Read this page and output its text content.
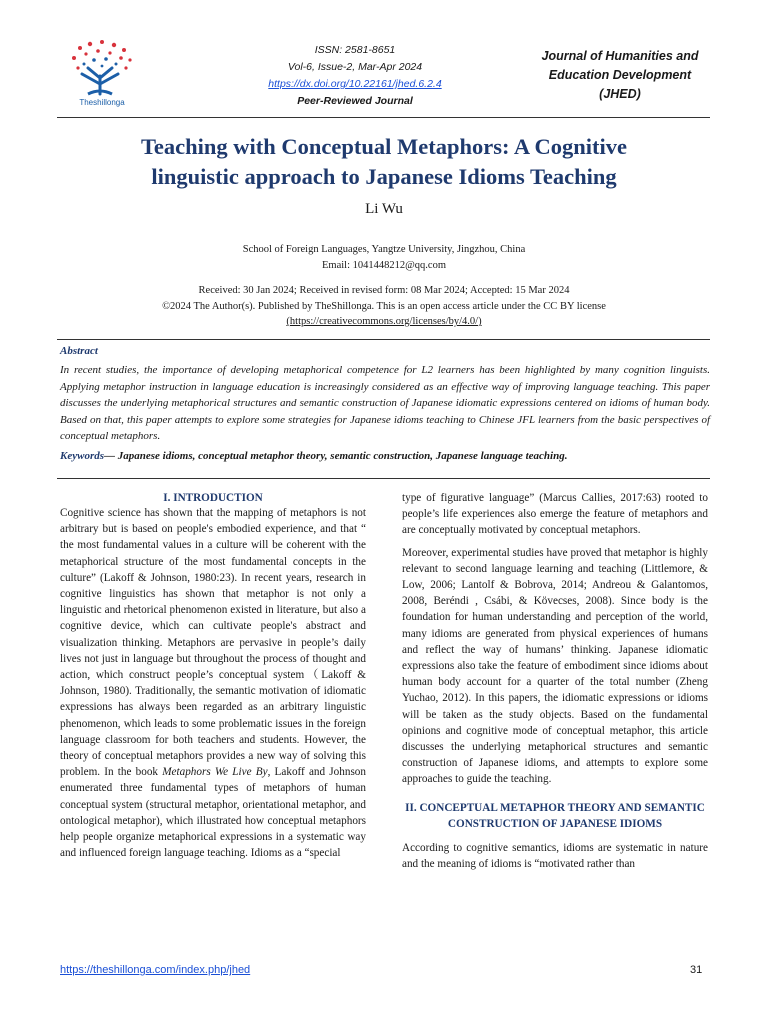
Theshillonga
ISSN: 2581-8651
Vol-6, Issue-2, Mar-Apr 2024
https://dx.doi.org/10.22161/jhed.6.2.4
Peer-Reviewed Journal
Journal of Humanities and
Education Development
(JHED)
Teaching with Conceptual Metaphors: A Cognitive
linguistic approach to Japanese Idioms Teaching
Li Wu
School of Foreign Languages, Yangtze University, Jingzhou, China
Email: 1041448212@qq.com
Received: 30 Jan 2024; Received in revised form: 08 Mar 2024; Accepted: 15 Mar 2024
©2024 The Author(s). Published by TheShillonga. This is an open access article under the CC BY license
(https://creativecommons.org/licenses/by/4.0/)
Abstract
In recent studies, the importance of developing metaphorical competence for L2 learners has been highlighted by many cognition linguists. Applying metaphor instruction in language education is increasingly considered as an effective way of improving language teaching. This paper discusses the underlying metaphorical structures and semantic construction of Japanese idiomatic expressions centered on idioms of human body. Based on that, this paper attempts to explore some strategies for Japanese idioms teaching to Chinese JFL learners from the basic perspectives of conceptual metaphors.
Keywords— Japanese idioms, conceptual metaphor theory, semantic construction, Japanese language teaching.
I. INTRODUCTION

Cognitive science has shown that the mapping of metaphors is not arbitrary but is based on people's embodied experience, and that “ the most fundamental values in a culture will be coherent with the metaphorical structure of the most fundamental concepts in the culture” (Lakoff & Johnson, 1980:23). In recent years, research in cognitive linguistics has shown that metaphor is not only a linguistic and rhetorical phenomenon existed in literature, but also a cognitive device, which can cultivate people's abstract and visualization thinking. Metaphors are pervasive in people’s daily lives not just in language but throughout the process of thought and action, which construct people’s conceptual system（Lakoff & Johnson, 1980). Traditionally, the semantic motivation of idiomatic expressions has always been regarded as an arbitrary linguistic phenomenon, which leads to some problematic issues in the foreign language classroom for both teachers and students. However, the theory of conceptual metaphors provides a new way of solving this problem. In the book Metaphors We Live By, Lakoff and Johnson enumerated three fundamental types of metaphors of human conceptual system (structural metaphor, orientational metaphor, and ontological metaphor), which illustrated how conceptual metaphors help people organize metaphorical expressions in a systematic way and influenced foreign language teaching. Idioms as a “special

type of figurative language” (Marcus Callies, 2017:63) rooted to people’s life experiences also emerge the feature of metaphors and are conceptually motivated by conceptual metaphors.

Moreover, experimental studies have proved that metaphor is highly relevant to second language learning and teaching (Littlemore, & Low, 2006; Lantolf & Bobrova, 2014; Andreou & Galantomos, 2008, Beréndi , Csábi, & Kövecses, 2008). Since body is the foundation for human understanding and perception of the world, many idioms are generated from physical experiences of humans and reflect the way of humans’ thinking. Japanese idiomatic expressions also take the feature of embodiment since idioms about human body account for a quarter of the total number (Zheng Yuchao, 2012). In this papers, the idiomatic expressions or idioms will be taken as the study objects. Based on the fundamental opinions and cognitive mode of conceptual metaphor, this article discusses the underlying metaphorical structures and semantic construction of Japanese idioms, and attempts to explore some approaches to guide the teaching.

II. CONCEPTUAL METAPHOR THEORY AND SEMANTIC CONSTRUCTION OF JAPANESE IDIOMS

According to cognitive semantics, idioms are systematic in nature and the meaning of idioms is “motivated rather than

https://theshillonga.com/index.php/jhed	31
